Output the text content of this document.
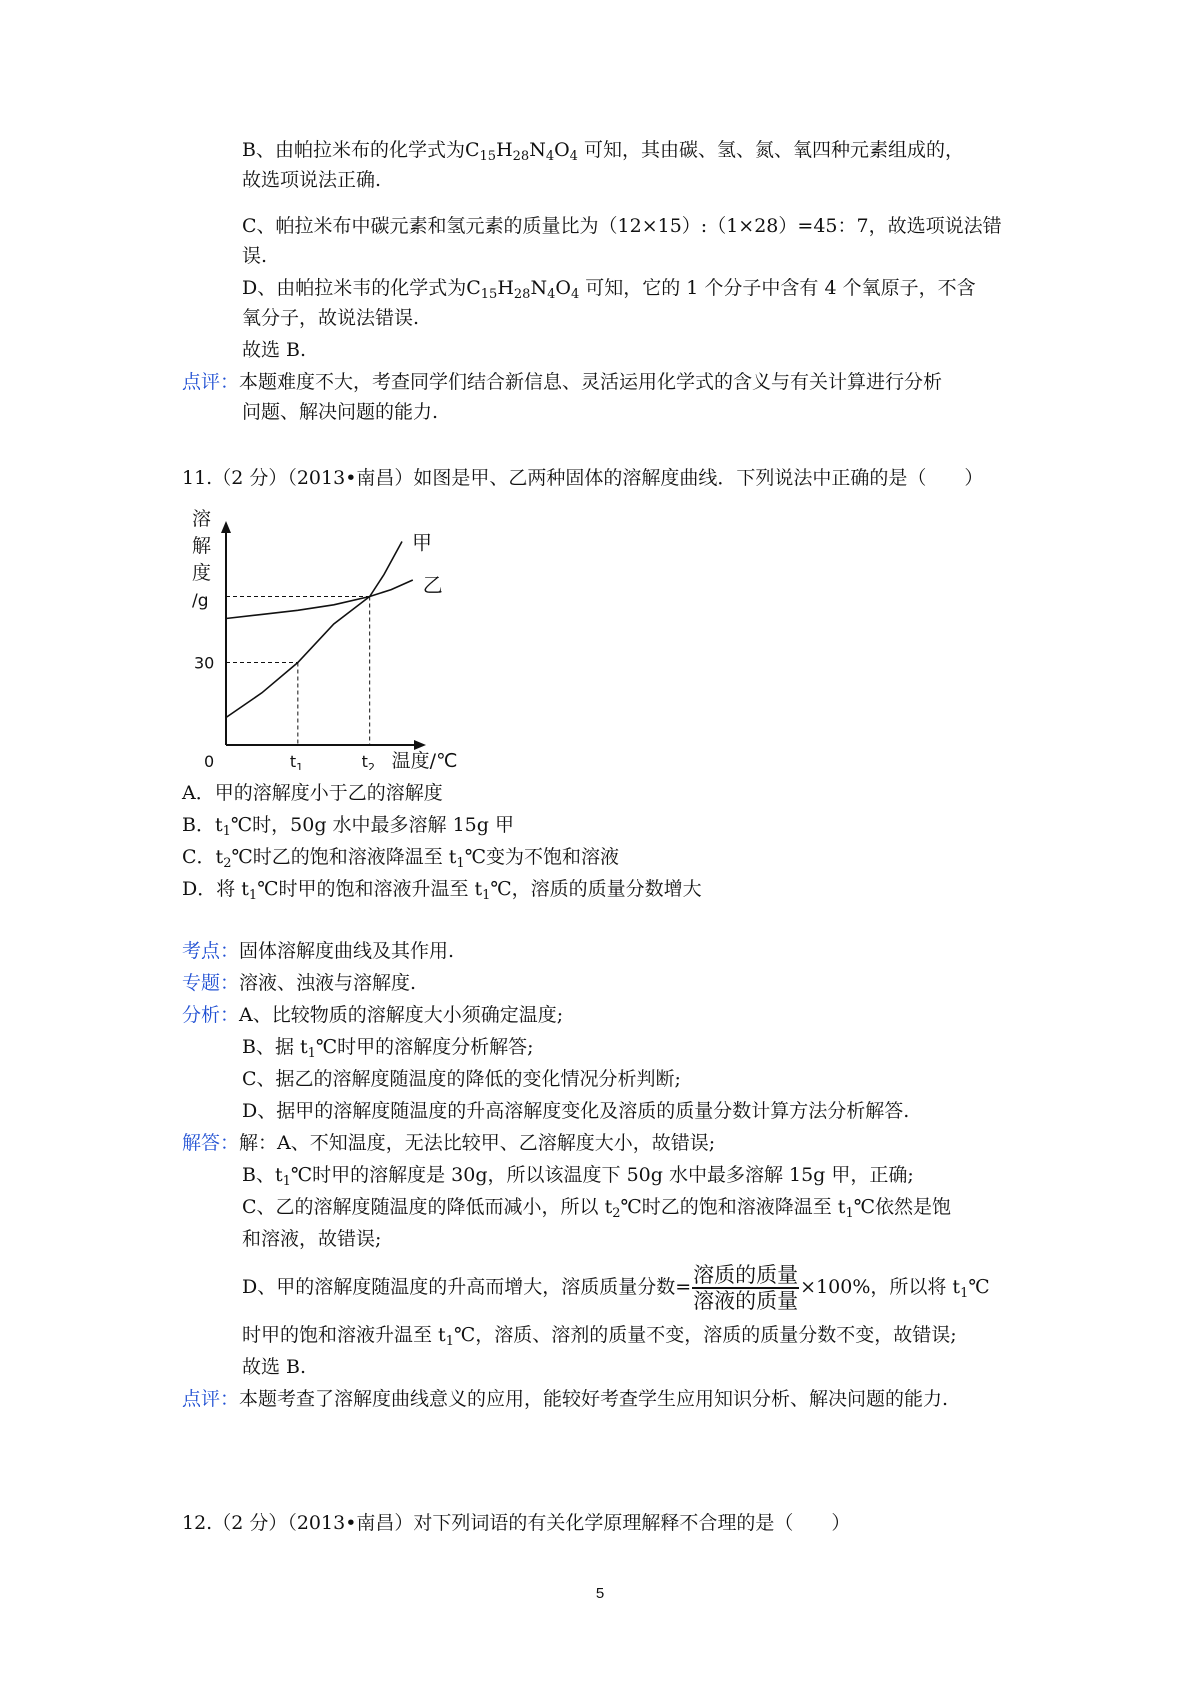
B、由帕拉米布的化学式为$C_{15}H_{28}N_4O_4$ 可知，其由碳、氢、氮、氧四种元素组成的，
故选项说法正确.
C、帕拉米布中碳元素和氢元素的质量比为（12×15）:（1×28）=45：7，故选项说法错
误.
D、由帕拉米韦的化学式为$C_{15}H_{28}N_4O_4$ 可知，它的 1 个分子中含有 4 个氧原子，不含
氧分子，故说法错误.
故选 B.
点评：本题难度不大，考查同学们结合新信息、灵活运用化学式的含义与有关计算进行分析
问题、解决问题的能力.
11.（2 分）（2013•南昌）如图是甲、乙两种固体的溶解度曲线．下列说法中正确的是（　　）
甲
乙
溶
解
度
/g
30
0	$t_1$	$t_2$ 温度/℃
A．甲的溶解度小于乙的溶解度
B．$t_1℃$时，50g 水中最多溶解 15g 甲
C．$t_2℃$时乙的饱和溶液降温至 $t_1℃$变为不饱和溶液
D．将 $t_1℃$时甲的饱和溶液升温至 $t_1℃$，溶质的质量分数增大
考点：固体溶解度曲线及其作用.
专题：溶液、浊液与溶解度.
分析：A、比较物质的溶解度大小须确定温度;
B、据 $t_1℃$时甲的溶解度分析解答;
C、据乙的溶解度随温度的降低的变化情况分析判断;
D、据甲的溶解度随温度的升高溶解度变化及溶质的质量分数计算方法分析解答.
解答：解：A、不知温度，无法比较甲、乙溶解度大小，故错误;
B、$t_1℃$时甲的溶解度是 30g，所以该温度下 50g 水中最多溶解 15g 甲，正确;
C、乙的溶解度随温度的降低而减小，所以 $t_2℃$时乙的饱和溶液降温至 $t_1℃$依然是饱
和溶液，故错误;
D、甲的溶解度随温度的升高而增大，溶质质量分数= $\frac{\text{溶质的质量}}{\text{溶液的质量}} \times 100\%$，所以将 $t_1℃$
时甲的饱和溶液升温至 $t_1℃$，溶质、溶剂的质量不变，溶质的质量分数不变，故错误;
故选 B.
点评：本题考查了溶解度曲线意义的应用，能较好考查学生应用知识分析、解决问题的能力.
12.（2 分）（2013•南昌）对下列词语的有关化学原理解释不合理的是（　　）
5
